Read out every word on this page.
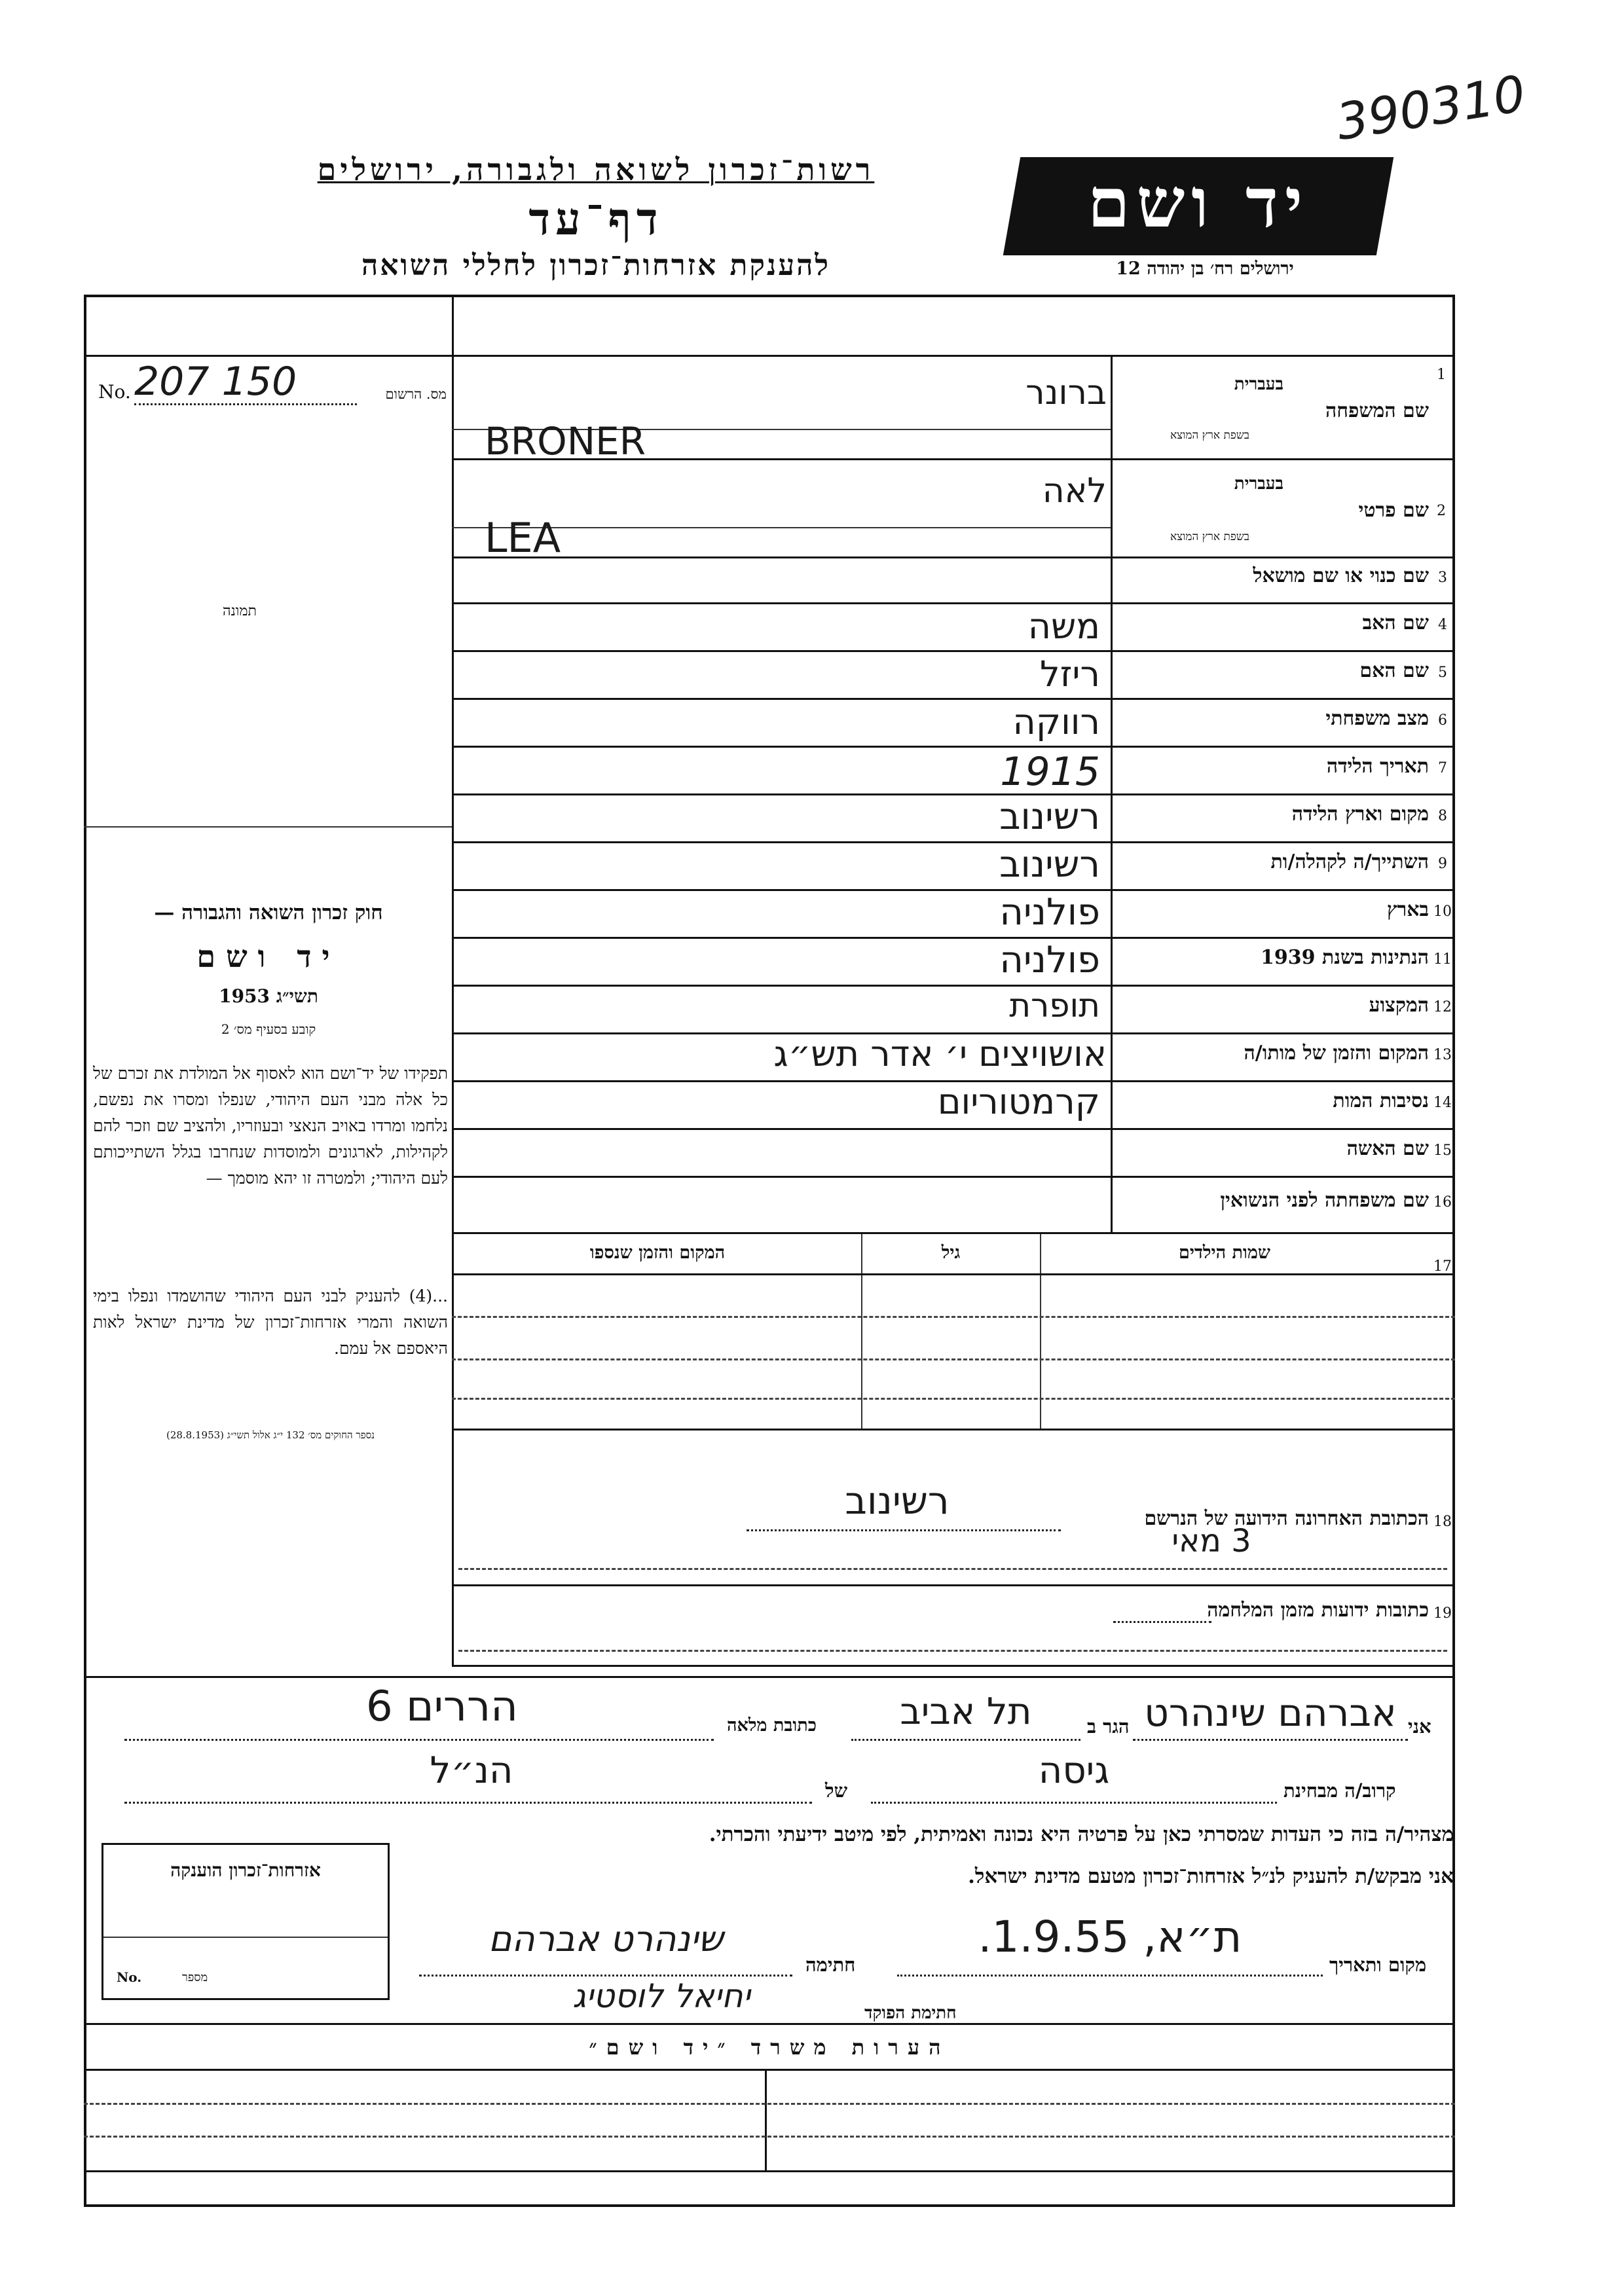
390310
רשות־זכרון לשואה ולגבורה, ירושלים
דף־עד
להענקת אזרחות־זכרון לחללי השואה
יד ושם
ירושלים רח׳ בן יהודה 12
No. 207 150	מס. הרשום
תמונה
חוק זכרון השואה והגבורה —
יד ושם
תשי״ג 1953
קובע בסעיף מס׳ 2
תפקידו של יד־ושם הוא לאסוף אל המולדת את זכרם של כל אלה מבני העם היהודי, שנפלו ומסרו את נפשם, נלחמו ומרדו באויב הנאצי ובעוזריו, ולהציב שם וזכר להם לקהילות, לארגונים ולמוסדות שנחרבו בגלל השתייכותם לעם היהודי; ולמטרה זו יהא מוסמך —
...(4) להעניק לבני העם היהודי שהושמדו ונפלו בימי השואה והמרי אזרחות־זכרון של מדינת ישראל לאות היאספם אל עמם.
נספר החוקים מס׳ 132 י״ג אלול תשי״ג (28.8.1953)
1
שם המשפחה
בעברית
בשפת ארץ המוצא
ברונר
BRONER
2
שם פרטי
בעברית
בשפת ארץ המוצא
לאה
LEA
3
שם כנוי או שם מושאל
4
שם האב
משה
5
שם האם
ריזל
6
מצב משפחתי
רווקה
7
תאריך הלידה
1915
8
מקום וארץ הלידה
רשינוב
9
השתייך/ה לקהלה/ות
רשינוב
10
בארץ
פולניה
11
הנתינות בשנת 1939
פולניה
12
המקצוע
תופרת
13
המקום והזמן של מותו/ה
אושויצים י׳ אדר תש״ג
14
נסיבות המות
קרמטוריום
15
שם האשה
16
שם משפחתה לפני הנשואין
17
שמות הילדים
גיל
המקום והזמן שנספו
18
הכתובת האחרונה הידועה של הנרשם
רשינוב
3 מאי
19
כתובות ידועות מזמן המלחמה
אני
אברהם שינהרט
הגר ב
תל אביב
כתובת מלאה
הררים 6
קרוב/ה מבחינת
גיסה
של
הנ״ל
מצהיר/ה בזה כי העדות שמסרתי כאן על פרטיה היא נכונה ואמיתית, לפי מיטב ידיעתי והכרתי.
אני מבקש/ת להעניק לנ״ל אזרחות־זכרון מטעם מדינת ישראל.
מקום ותאריך
ת״א, 1.9.55.
חתימה
שינהרט אברהם
חתימת הפוקד
יחיאל לוסטיג
אזרחות־זכרון הוענקה
No.	מספר
הערות משרד ״יד ושם״
